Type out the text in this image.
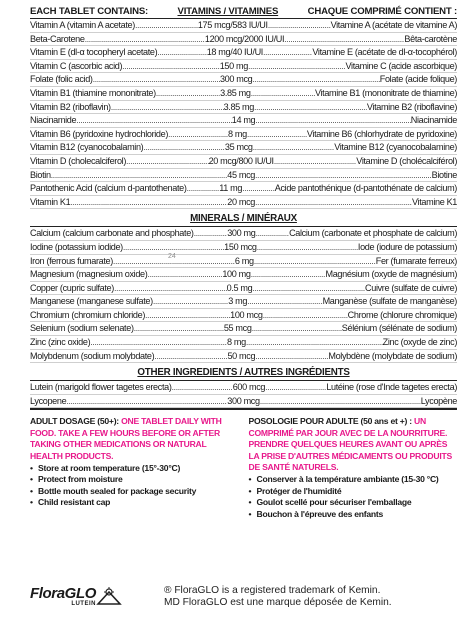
EACH TABLET CONTAINS:	VITAMINS / VITAMINES	CHAQUE COMPRIMÉ CONTIENT :
Vitamin A (vitamin A acetate) .....	175 mcg/583 IU/UI .....	Vitamine A (acétate de vitamine A)
Beta-Carotene .....	1200 mcg/2000 IU/UI .....	Bêta-carotène
Vitamin E (dl-α tocopheryl acetate) .....	18 mg/40 IU/UI .....	Vitamine E (acétate de dl-α-tocophérol)
Vitamin C (ascorbic acid) .....	150 mg .....	Vitamine C (acide ascorbique)
Folate (folic acid) .....	300 mcg .....	Folate (acide folique)
Vitamin B1 (thiamine mononitrate) .....	3.85 mg .....	Vitamine B1 (mononitrate de thiamine)
Vitamin B2 (riboflavin) .....	3.85 mg .....	Vitamine B2 (riboflavine)
Niacinamide .....	14 mg .....	Niacinamide
Vitamin B6 (pyridoxine hydrochloride) .....	8 mg .....	Vitamine B6 (chlorhydrate de pyridoxine)
Vitamin B12 (cyanocobalamin) .....	35 mcg .....	Vitamine B12 (cyanocobalamine)
Vitamin D (cholecalciferol) .....	20 mcg/800 IU/UI .....	Vitamine D (cholécalciférol)
Biotin .....	45 mcg .....	Biotine
Pantothenic Acid (calcium d-pantothenate) .....	11 mg .....	Acide pantothénique (d-pantothénate de calcium)
Vitamin K1 .....	20 mcg .....	Vitamine K1
MINERALS / MINÉRAUX
Calcium (calcium carbonate and phosphate) .....	300 mg .....	Calcium (carbonate et phosphate de calcium)
Iodine (potassium iodide) .....	150 mcg .....	Iode (iodure de potassium)
Iron (ferrous fumarate) .....	6 mg .....	Fer (fumarate ferreux)
Magnesium (magnesium oxide) .....	100 mg .....	Magnésium (oxyde de magnésium)
Copper (cupric sulfate) .....	0.5 mg .....	Cuivre (sulfate de cuivre)
Manganese (manganese sulfate) .....	3 mg .....	Manganèse (sulfate de manganèse)
Chromium (chromium chloride) .....	100 mcg .....	Chrome (chlorure chromique)
Selenium (sodium selenate) .....	55 mcg .....	Sélénium (sélénate de sodium)
Zinc (zinc oxide) .....	8 mg .....	Zinc (oxyde de zinc)
Molybdenum (sodium molybdate) .....	50 mcg .....	Molybdène (molybdate de sodium)
OTHER INGREDIENTS / AUTRES INGRÉDIENTS
Lutein (marigold flower tagetes erecta) .....	600 mcg .....	Lutéine (rose d'Inde tagetes erecta)
Lycopene .....	300 mcg .....	Lycopène
ADULT DOSAGE (50+): ONE TABLET DAILY WITH FOOD. TAKE A FEW HOURS BEFORE OR AFTER TAKING OTHER MEDICATIONS OR NATURAL HEALTH PRODUCTS.
• Store at room temperature (15°-30°C)
• Protect from moisture
• Bottle mouth sealed for package security
• Child resistant cap
POSOLOGIE POUR ADULTE (50 ans et +) : UN COMPRIMÉ PAR JOUR AVEC DE LA NOURRITURE. PRENDRE QUELQUES HEURES AVANT OU APRÈS LA PRISE D'AUTRES MÉDICAMENTS OU PRODUITS DE SANTÉ NATURELS.
• Conserver à la température ambiante (15-30 °C)
• Protéger de l'humidité
• Goulot scellé pour sécuriser l'emballage
• Bouchon à l'épreuve des enfants
24
FloraGLO
LUTEIN
® FloraGLO is a registered trademark of Kemin.
MD FloraGLO est une marque déposée de Kemin.
